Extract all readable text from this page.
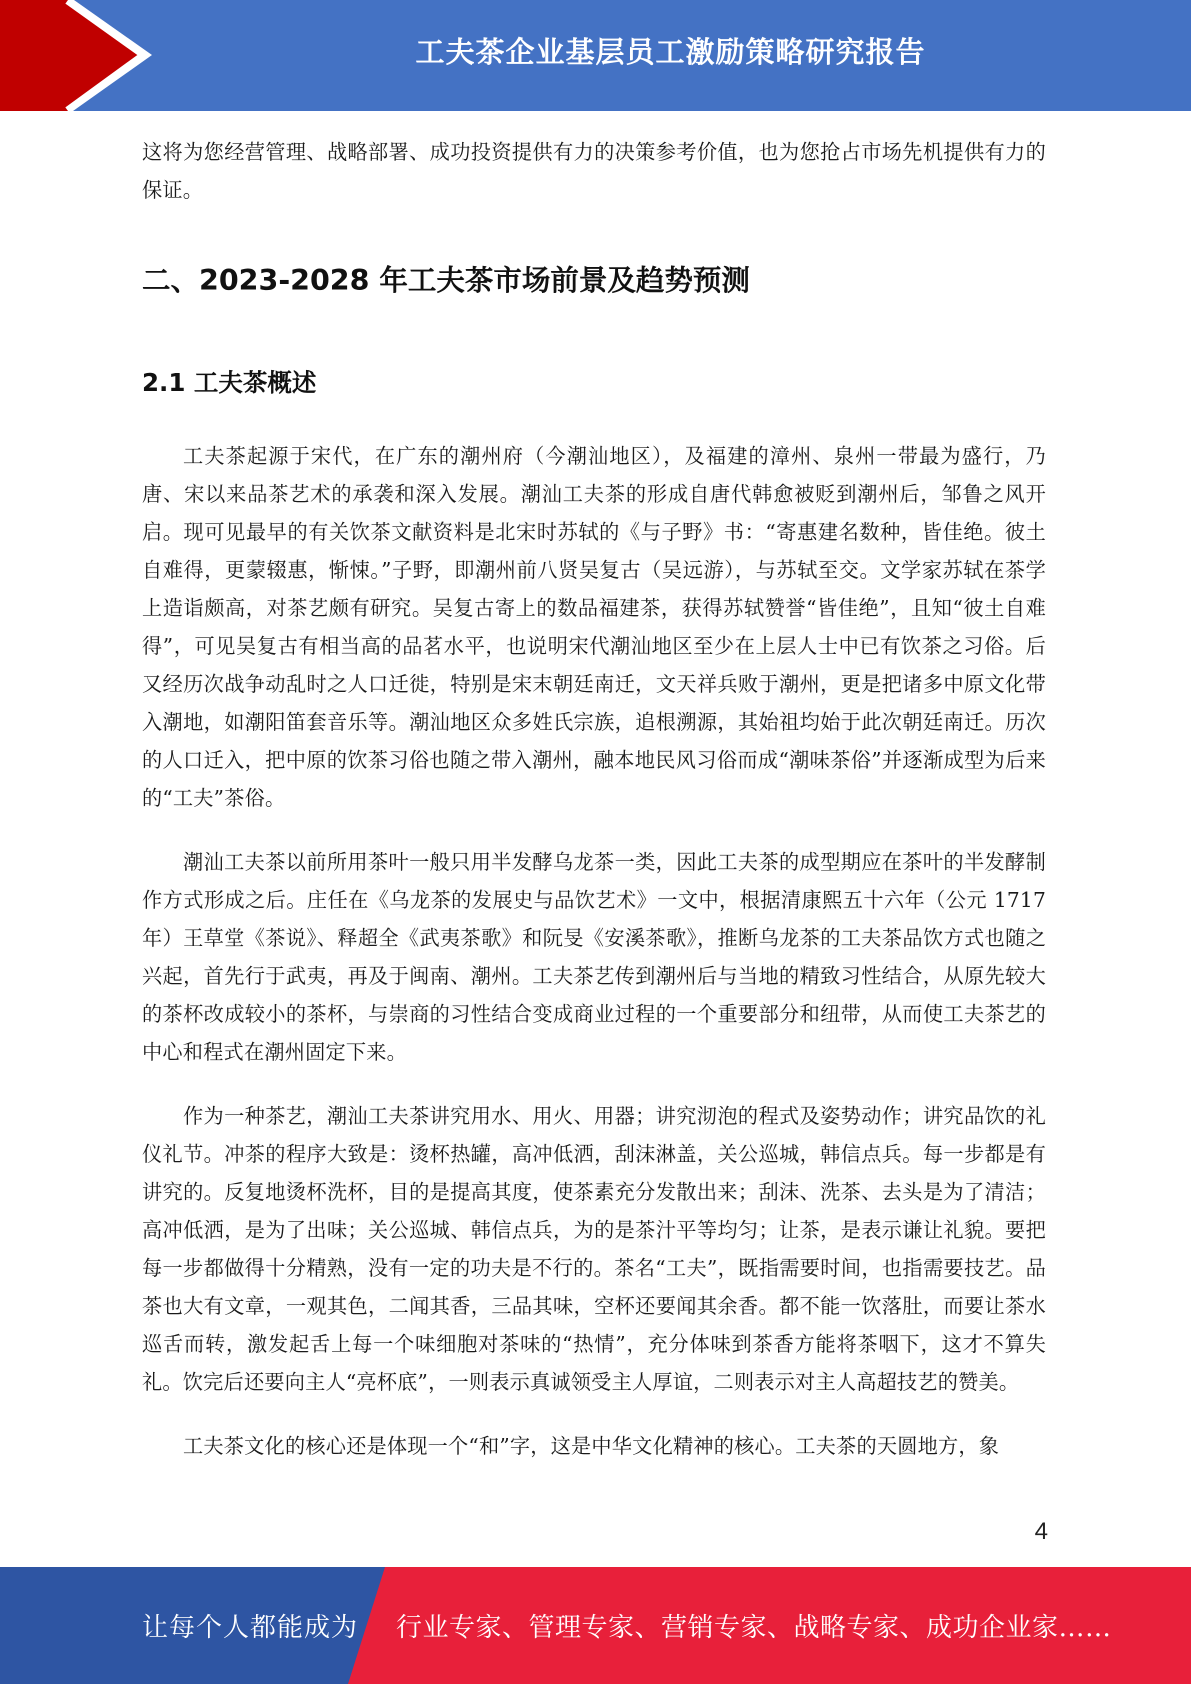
工夫茶企业基层员工激励策略研究报告

这将为您经营管理、战略部署、成功投资提供有力的决策参考价值，也为您抢占市场先机提供有力的保证。

二、2023-2028 年工夫茶市场前景及趋势预测
2.1 工夫茶概述

工夫茶起源于宋代，在广东的潮州府（今潮汕地区），及福建的漳州、泉州一带最为盛行，乃唐、宋以来品茶艺术的承袭和深入发展。潮汕工夫茶的形成自唐代韩愈被贬到潮州后，邹鲁之风开启。现可见最早的有关饮茶文献资料是北宋时苏轼的《与子野》书：“寄惠建名数种，皆佳绝。彼土自难得，更蒙辍惠，惭悚。”子野，即潮州前八贤吴复古（吴远游），与苏轼至交。文学家苏轼在茶学上造诣颇高，对茶艺颇有研究。吴复古寄上的数品福建茶，获得苏轼赞誉“皆佳绝”，且知“彼土自难得”，可见吴复古有相当高的品茗水平，也说明宋代潮汕地区至少在上层人士中已有饮茶之习俗。后又经历次战争动乱时之人口迁徙，特别是宋末朝廷南迁，文天祥兵败于潮州，更是把诸多中原文化带入潮地，如潮阳笛套音乐等。潮汕地区众多姓氏宗族，追根溯源，其始祖均始于此次朝廷南迁。历次的人口迁入，把中原的饮茶习俗也随之带入潮州，融本地民风习俗而成“潮味茶俗”并逐渐成型为后来的“工夫”茶俗。

潮汕工夫茶以前所用茶叶一般只用半发酵乌龙茶一类，因此工夫茶的成型期应在茶叶的半发酵制作方式形成之后。庄任在《乌龙茶的发展史与品饮艺术》一文中，根据清康熙五十六年（公元 1717 年）王草堂《茶说》、释超全《武夷茶歌》和阮旻《安溪茶歌》，推断乌龙茶的工夫茶品饮方式也随之兴起，首先行于武夷，再及于闽南、潮州。工夫茶艺传到潮州后与当地的精致习性结合，从原先较大的茶杯改成较小的茶杯，与崇商的习性结合变成商业过程的一个重要部分和纽带，从而使工夫茶艺的中心和程式在潮州固定下来。

作为一种茶艺，潮汕工夫茶讲究用水、用火、用器；讲究沏泡的程式及姿势动作；讲究品饮的礼仪礼节。冲茶的程序大致是：烫杯热罐，高冲低洒，刮沫淋盖，关公巡城，韩信点兵。每一步都是有讲究的。反复地烫杯洗杯，目的是提高其度，使茶素充分发散出来；刮沫、洗茶、去头是为了清洁；高冲低洒，是为了出味；关公巡城、韩信点兵，为的是茶汁平等均匀；让茶，是表示谦让礼貌。要把每一步都做得十分精熟，没有一定的功夫是不行的。茶名“工夫”，既指需要时间，也指需要技艺。品茶也大有文章，一观其色，二闻其香，三品其味，空杯还要闻其余香。都不能一饮落肚，而要让茶水巡舌而转，激发起舌上每一个味细胞对茶味的“热情”，充分体味到茶香方能将茶咽下，这才不算失礼。饮完后还要向主人“亮杯底”，一则表示真诚领受主人厚谊，二则表示对主人高超技艺的赞美。

工夫茶文化的核心还是体现一个“和”字，这是中华文化精神的核心。工夫茶的天圆地方，象

4
让每个人都能成为 行业专家、管理专家、营销专家、战略专家、成功企业家……
